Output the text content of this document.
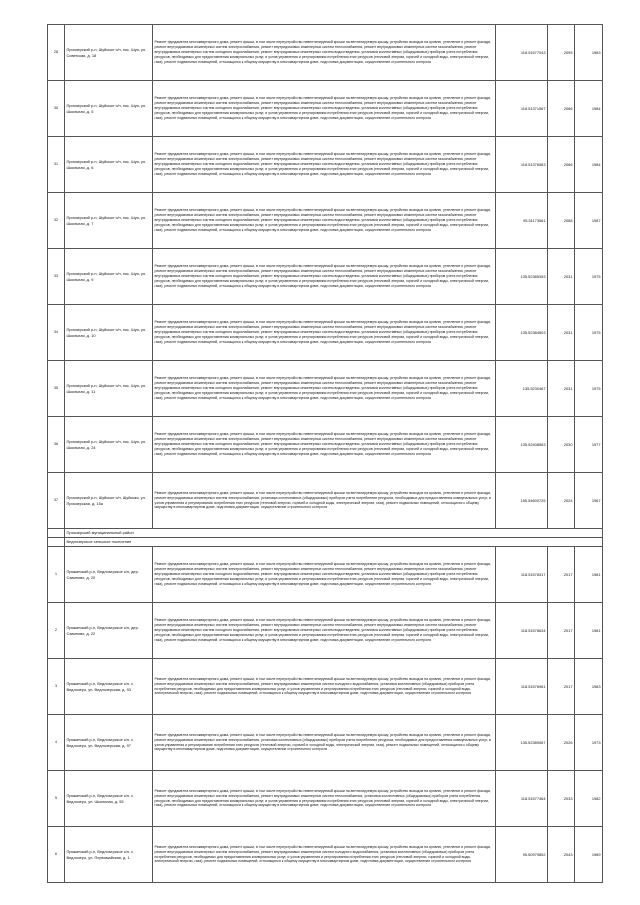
28	Приозерский р-н, Шуйское с/п, пос. Шуя, ул. Советская, д. 18	Ремонт фундамента многоквартирного дома, ремонт крыши, в том числе переустройство невентилируемой крыши на вентилируемую крышу, устройство выходов на кровлю, утепление и ремонт фасада, ремонт внутридомовых инженерных систем электроснабжения, ремонт внутридомовых инженерных систем теплоснабжения, ремонт внутридомовых инженерных систем газоснабжения, ремонт внутридомовых инженерных систем холодного водоснабжения, ремонт внутридомовых инженерных систем водоотведения, установка коллективных (общедомовых) приборов учета потребления ресурсов, необходимых для предоставления коммунальных услуг, и узлов управления и регулирования потребления этих ресурсов (тепловой энергии, горячей и холодной воды, электрической энергии, газа), ремонт подвальных помещений, относящихся к общему имуществу в многоквартирном доме, подготовка документации, осуществление строительного контроля	118.51577043	2095	1983
30	Приозерский р-н, Шуйское с/п, пос. Шуя, ул. Школьная, д. 5	Ремонт фундамента многоквартирного дома, ремонт крыши, в том числе переустройство невентилируемой крыши на вентилируемую крышу, устройство выходов на кровлю, утепление и ремонт фасада, ремонт внутридомовых инженерных систем электроснабжения, ремонт внутридомовых инженерных систем теплоснабжения, ремонт внутридомовых инженерных систем газоснабжения, ремонт внутридомовых инженерных систем холодного водоснабжения, ремонт внутридомовых инженерных систем водоотведения, установка коллективных (общедомовых) приборов учета потребления ресурсов, необходимых для предоставления коммунальных услуг, и узлов управления и регулирования потребления этих ресурсов (тепловой энергии, горячей и холодной воды, электрической энергии, газа), ремонт подвальных помещений, относящихся к общему имуществу в многоквартирном доме, подготовка документации, осуществление строительного контроля	118.51371567	2086	1984
31	Приозерский р-н, Шуйское с/п, пос. Шуя, ул. Школьная, д. 6	Ремонт фундамента многоквартирного дома, ремонт крыши, в том числе переустройство невентилируемой крыши на вентилируемую крышу, устройство выходов на кровлю, утепление и ремонт фасада, ремонт внутридомовых инженерных систем электроснабжения, ремонт внутридомовых инженерных систем теплоснабжения, ремонт внутридомовых инженерных систем газоснабжения, ремонт внутридомовых инженерных систем холодного водоснабжения, ремонт внутридомовых инженерных систем водоотведения, установка коллективных (общедомовых) приборов учета потребления ресурсов, необходимых для предоставления коммунальных услуг, и узлов управления и регулирования потребления этих ресурсов (тепловой энергии, горячей и холодной воды, электрической энергии, газа), ремонт подвальных помещений, относящихся к общему имуществу в многоквартирном доме, подготовка документации, осуществление строительного контроля	118.51376583	2086	1984
32	Приозерский р-н, Шуйское с/п, пос. Шуя, ул. Школьная, д. 7	Ремонт фундамента многоквартирного дома, ремонт крыши, в том числе переустройство невентилируемой крыши на вентилируемую крышу, устройство выходов на кровлю, утепление и ремонт фасада, ремонт внутридомовых инженерных систем электроснабжения, ремонт внутридомовых инженерных систем теплоснабжения, ремонт внутридомовых инженерных систем газоснабжения, ремонт внутридомовых инженерных систем холодного водоснабжения, ремонт внутридомовых инженерных систем водоотведения, установка коллективных (общедомовых) приборов учета потребления ресурсов, необходимых для предоставления коммунальных услуг, и узлов управления и регулирования потребления этих ресурсов (тепловой энергии, горячей и холодной воды, электрической энергии, газа), ремонт подвальных помещений, относящихся к общему имуществу в многоквартирном доме, подготовка документации, осуществление строительного контроля	95.51173561	2088	1987
33	Приозерский р-н, Шуйское с/п, пос. Шуя, ул. Школьная, д. 9	Ремонт фундамента многоквартирного дома, ремонт крыши, в том числе переустройство невентилируемой крыши на вентилируемую крышу, устройство выходов на кровлю, утепление и ремонт фасада, ремонт внутридомовых инженерных систем электроснабжения, ремонт внутридомовых инженерных систем теплоснабжения, ремонт внутридомовых инженерных систем газоснабжения, ремонт внутридомовых инженерных систем холодного водоснабжения, ремонт внутридомовых инженерных систем водоотведения, установка коллективных (общедомовых) приборов учета потребления ресурсов, необходимых для предоставления коммунальных услуг, и узлов управления и регулирования потребления этих ресурсов (тепловой энергии, горячей и холодной воды, электрической энергии, газа), ремонт подвальных помещений, относящихся к общему имуществу в многоквартирном доме, подготовка документации, осуществление строительного контроля	135.52385353	2031	1975
34	Приозерский р-н, Шуйское с/п, пос. Шуя, ул. Школьная, д. 10	Ремонт фундамента многоквартирного дома, ремонт крыши, в том числе переустройство невентилируемой крыши на вентилируемую крышу, устройство выходов на кровлю, утепление и ремонт фасада, ремонт внутридомовых инженерных систем электроснабжения, ремонт внутридомовых инженерных систем теплоснабжения, ремонт внутридомовых инженерных систем газоснабжения, ремонт внутридомовых инженерных систем холодного водоснабжения, ремонт внутридомовых инженерных систем водоотведения, установка коллективных (общедомовых) приборов учета потребления ресурсов, необходимых для предоставления коммунальных услуг, и узлов управления и регулирования потребления этих ресурсов (тепловой энергии, горячей и холодной воды, электрической энергии, газа), ремонт подвальных помещений, относящихся к общему имуществу в многоквартирном доме, подготовка документации, осуществление строительного контроля	135.52384503	2031	1975
35	Приозерский р-н, Шуйское с/п, пос. Шуя, ул. Школьная, д. 11	Ремонт фундамента многоквартирного дома, ремонт крыши, в том числе переустройство невентилируемой крыши на вентилируемую крышу, устройство выходов на кровлю, утепление и ремонт фасада, ремонт внутридомовых инженерных систем электроснабжения, ремонт внутридомовых инженерных систем теплоснабжения, ремонт внутридомовых инженерных систем газоснабжения, ремонт внутридомовых инженерных систем холодного водоснабжения, ремонт внутридомовых инженерных систем водоотведения, установка коллективных (общедомовых) приборов учета потребления ресурсов, необходимых для предоставления коммунальных услуг, и узлов управления и регулирования потребления этих ресурсов (тепловой энергии, горячей и холодной воды, электрической энергии, газа), ремонт подвальных помещений, относящихся к общему имуществу в многоквартирном доме, подготовка документации, осуществление строительного контроля	135.5230487	2031	1975
36	Приозерский р-н, Шуйское с/п, пос. Шуя, ул. Школьная, д. 24	Ремонт фундамента многоквартирного дома, ремонт крыши, в том числе переустройство невентилируемой крыши на вентилируемую крышу, устройство выходов на кровлю, утепление и ремонт фасада, ремонт внутридомовых инженерных систем электроснабжения, ремонт внутридомовых инженерных систем теплоснабжения, ремонт внутридомовых инженерных систем газоснабжения, ремонт внутридомовых инженерных систем холодного водоснабжения, ремонт внутридомовых инженерных систем водоотведения, установка коллективных (общедомовых) приборов учета потребления ресурсов, необходимых для предоставления коммунальных услуг, и узлов управления и регулирования потребления этих ресурсов (тепловой энергии, горячей и холодной воды, электрической энергии, газа), ремонт подвальных помещений, относящихся к общему имуществу в многоквартирном доме, подготовка документации, осуществление строительного контроля	135.52408563	2030	1977
37	Приозерский р-н, Шуйское с/п, Шуйская, ул. Приозерская, д. 15а	Ремонт фундамента многоквартирного дома, ремонт крыши, в том числе переустройство невентилируемой крыши на вентилируемую крышу, устройство выходов на кровлю, утепление и ремонт фасада, ремонт внутридомовых инженерных систем электроснабжения, установка коллективных (общедомовых) приборов учета потребления ресурсов, необходимых для предоставления коммунальных услуг, и узлов управления и регулирования потребления этих ресурсов (тепловой энергии, горячей и холодной воды, электрической энергии, газа), ремонт подвальных помещений, относящихся к общему имуществу в многоквартирном доме, подготовка документации, осуществление строительного контроля	155.54600725	2024	1967
	Приозерский муниципальный район				
	Ведлозерское сельское поселение				
1	Пряжинский р-н, Ведлозерское с/п, дер. Савиново, д. 20	Ремонт фундамента многоквартирного дома, ремонт крыши, в том числе переустройство невентилируемой крыши на вентилируемую крышу, устройство выходов на кровлю, утепление и ремонт фасада, ремонт внутридомовых инженерных систем электроснабжения, ремонт внутридомовых инженерных систем теплоснабжения, ремонт внутридомовых инженерных систем газоснабжения, ремонт внутридомовых инженерных систем холодного водоснабжения, ремонт внутридомовых инженерных систем водоотведения, установка коллективных (общедомовых) приборов учета потребления ресурсов, необходимых для предоставления коммунальных услуг, и узлов управления и регулирования потребления этих ресурсов (тепловой энергии, горячей и холодной воды, электрической энергии, газа), ремонт подвальных помещений, относящихся к общему имуществу в многоквартирном доме, подготовка документации, осуществление строительного контроля	118.51578317	2017	1981
2	Пряжинский р-н, Ведлозерское с/п, дер. Савиново, д. 22	Ремонт фундамента многоквартирного дома, ремонт крыши, в том числе переустройство невентилируемой крыши на вентилируемую крышу, устройство выходов на кровлю, утепление и ремонт фасада, ремонт внутридомовых инженерных систем электроснабжения, ремонт внутридомовых инженерных систем теплоснабжения, ремонт внутридомовых инженерных систем газоснабжения, ремонт внутридомовых инженерных систем холодного водоснабжения, ремонт внутридомовых инженерных систем водоотведения, установка коллективных (общедомовых) приборов учета потребления ресурсов, необходимых для предоставления коммунальных услуг, и узлов управления и регулирования потребления этих ресурсов (тепловой энергии, горячей и холодной воды, электрической энергии, газа), ремонт подвальных помещений, относящихся к общему имуществу в многоквартирном доме, подготовка документации, осуществление строительного контроля	118.51578634	2017	1981
3	Пряжинский р-н, Ведлозерское с/п, с. Ведлозеро, ул. Ведлозерская, д. 93	Ремонт фундамента многоквартирного дома, ремонт крыши, в том числе переустройство невентилируемой крыши на вентилируемую крышу, устройство выходов на кровлю, утепление и ремонт фасада, ремонт внутридомовых инженерных систем электроснабжения, ремонт внутридомовых инженерных систем холодного водоснабжения, установка коллективных (общедомовых) приборов учета потребления ресурсов, необходимых для предоставления коммунальных услуг, и узлов управления и регулирования потребления этих ресурсов (тепловой энергии, горячей и холодной воды, электрической энергии, газа), ремонт подвальных помещений, относящихся к общему имуществу в многоквартирном доме, подготовка документации, осуществление строительного контроля	118.51576961	2017	1983
4	Пряжинский р-н, Ведлозерское с/п, с. Ведлозеро, ул. Ведлозерская, д. 97	Ремонт фундамента многоквартирного дома, ремонт крыши, в том числе переустройство невентилируемой крыши на вентилируемую крышу, устройство выходов на кровлю, утепление и ремонт фасада, ремонт внутридомовых инженерных систем электроснабжения, установка коллективных (общедомовых) приборов учета потребления ресурсов, необходимых для предоставления коммунальных услуг, и узлов управления и регулирования потребления этих ресурсов (тепловой энергии, горячей и холодной воды, электрической энергии, газа), ремонт подвальных помещений, относящихся к общему имуществу в многоквартирном доме, подготовка документации, осуществление строительного контроля	135.52389067	2026	1973
5	Пряжинский р-н, Ведлозерское с/п, с. Ведлозеро, ул. Школьная, д. 55	Ремонт фундамента многоквартирного дома, ремонт крыши, в том числе переустройство невентилируемой крыши на вентилируемую крышу, устройство выходов на кровлю, утепление и ремонт фасада, ремонт внутридомовых инженерных систем электроснабжения, ремонт внутридомовых инженерных систем теплоснабжения, установка коллективных (общедомовых) приборов учета потребления ресурсов, необходимых для предоставления коммунальных услуг, и узлов управления и регулирования потребления этих ресурсов (тепловой энергии, горячей и холодной воды, электрической энергии, газа), ремонт подвальных помещений, относящихся к общему имуществу в многоквартирном доме, подготовка документации, осуществление строительного контроля	118.51577464	2033	1982
6	Пряжинский р-н, Ведлозерское с/п, с. Ведлозеро, ул. Первомайская, д. 1	Ремонт фундамента многоквартирного дома, ремонт крыши, в том числе переустройство невентилируемой крыши на вентилируемую крышу, устройство выходов на кровлю, утепление и ремонт фасада, ремонт внутридомовых инженерных систем электроснабжения, ремонт внутридомовых инженерных систем холодного водоснабжения, установка коллективных (общедомовых) приборов учета потребления ресурсов, необходимых для предоставления коммунальных услуг, и узлов управления и регулирования потребления этих ресурсов (тепловой энергии, горячей и холодной воды, электрической энергии, газа), ремонт подвальных помещений, относящихся к общему имуществу в многоквартирном доме, подготовка документации, осуществление строительного контроля	95.50979852	2043	1989
